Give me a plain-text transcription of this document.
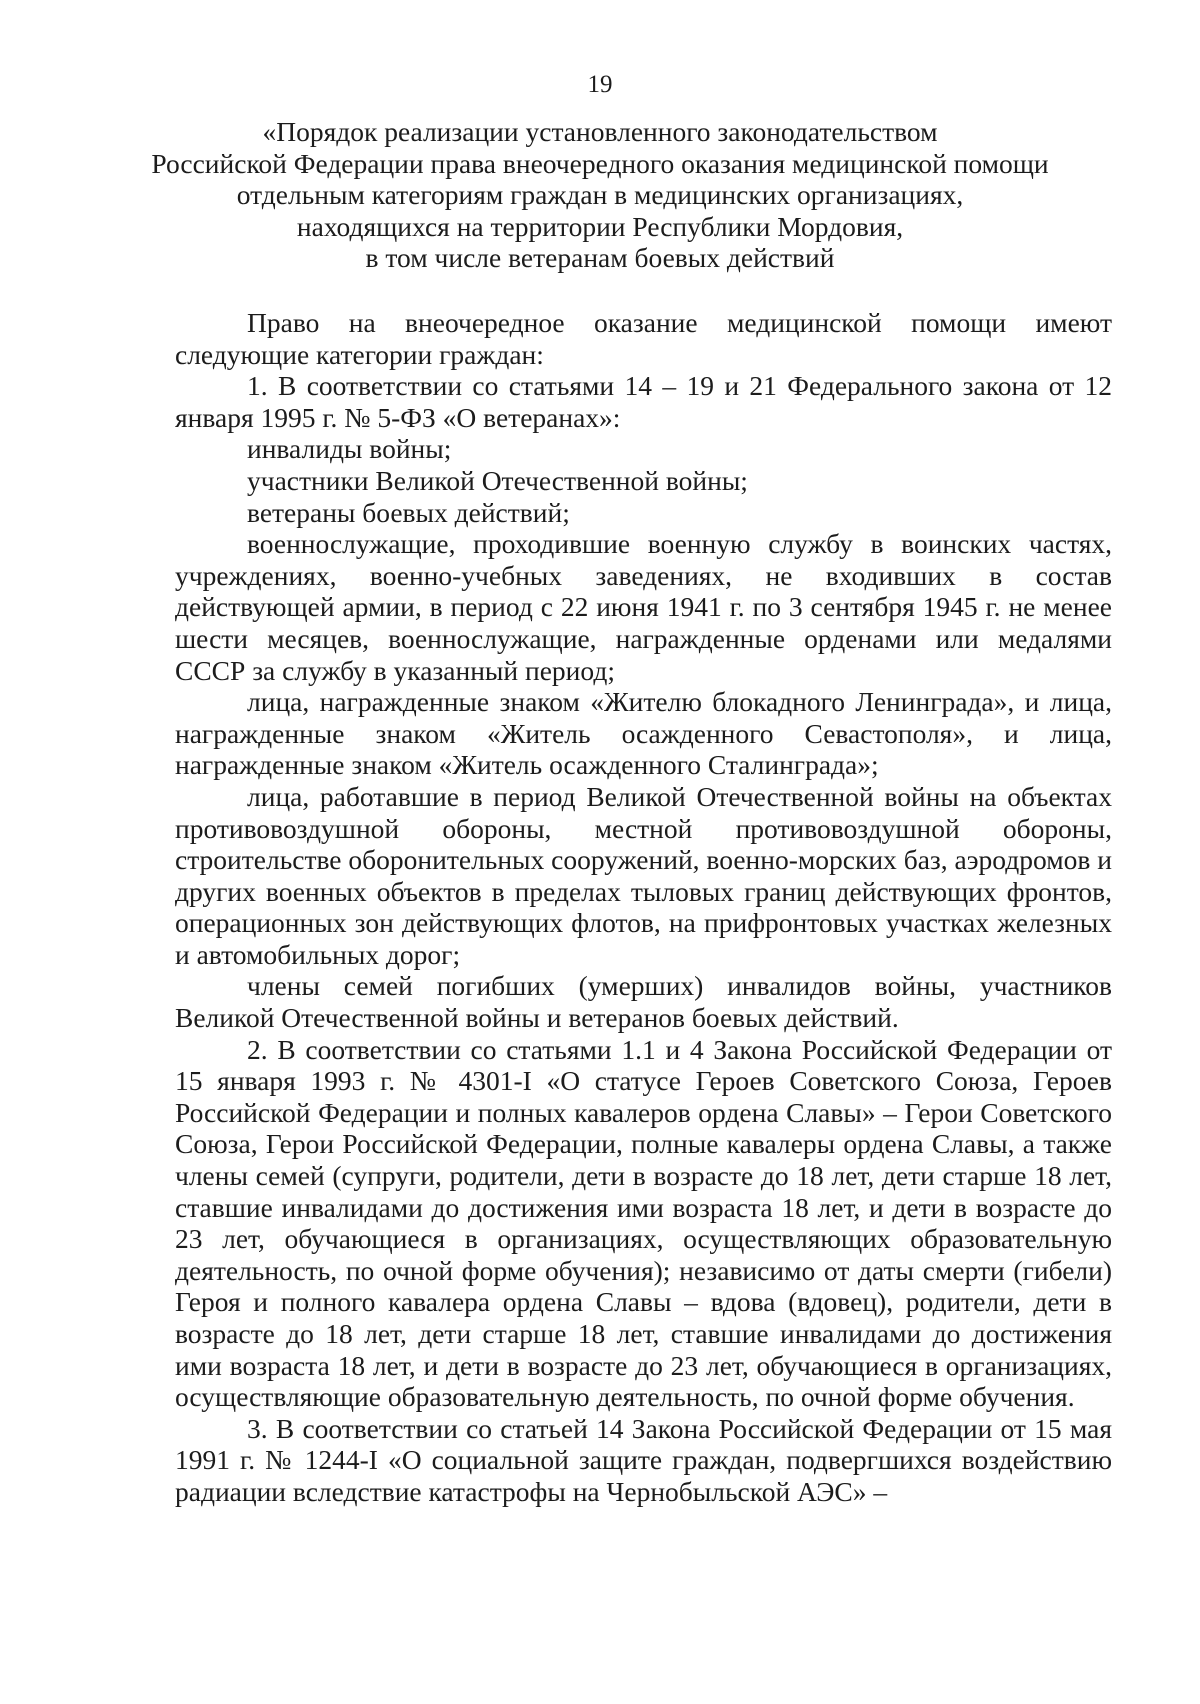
19
«Порядок реализации установленного законодательством
Российской Федерации права внеочередного оказания медицинской помощи
отдельным категориям граждан в медицинских организациях,
находящихся на территории Республики Мордовия,
в том числе ветеранам боевых действий

Право на внеочередное оказание медицинской помощи имеют следующие категории граждан:

1. В соответствии со статьями 14 – 19 и 21 Федерального закона от 12 января 1995 г. № 5-ФЗ «О ветеранах»:

инвалиды войны;

участники Великой Отечественной войны;

ветераны боевых действий;

военнослужащие, проходившие военную службу в воинских частях, учреждениях, военно-учебных заведениях, не входивших в состав действующей армии, в период с 22 июня 1941 г. по 3 сентября 1945 г. не менее шести месяцев, военнослужащие, награжденные орденами или медалями СССР за службу в указанный период;

лица, награжденные знаком «Жителю блокадного Ленинграда», и лица, награжденные знаком «Житель осажденного Севастополя», и лица, награжденные знаком «Житель осажденного Сталинграда»;

лица, работавшие в период Великой Отечественной войны на объектах противовоздушной обороны, местной противовоздушной обороны, строительстве оборонительных сооружений, военно-морских баз, аэродромов и других военных объектов в пределах тыловых границ действующих фронтов, операционных зон действующих флотов, на прифронтовых участках железных и автомобильных дорог;

члены семей погибших (умерших) инвалидов войны, участников Великой Отечественной войны и ветеранов боевых действий.

2. В соответствии со статьями 1.1 и 4 Закона Российской Федерации от 15 января 1993 г. № 4301-I «О статусе Героев Советского Союза, Героев Российской Федерации и полных кавалеров ордена Славы» – Герои Советского Союза, Герои Российской Федерации, полные кавалеры ордена Славы, а также члены семей (супруги, родители, дети в возрасте до 18 лет, дети старше 18 лет, ставшие инвалидами до достижения ими возраста 18 лет, и дети в возрасте до 23 лет, обучающиеся в организациях, осуществляющих образовательную деятельность, по очной форме обучения); независимо от даты смерти (гибели) Героя и полного кавалера ордена Славы – вдова (вдовец), родители, дети в возрасте до 18 лет, дети старше 18 лет, ставшие инвалидами до достижения ими возраста 18 лет, и дети в возрасте до 23 лет, обучающиеся в организациях, осуществляющие образовательную деятельность, по очной форме обучения.

3. В соответствии со статьей 14 Закона Российской Федерации от 15 мая 1991 г. № 1244-I «О социальной защите граждан, подвергшихся воздействию радиации вследствие катастрофы на Чернобыльской АЭС» –
